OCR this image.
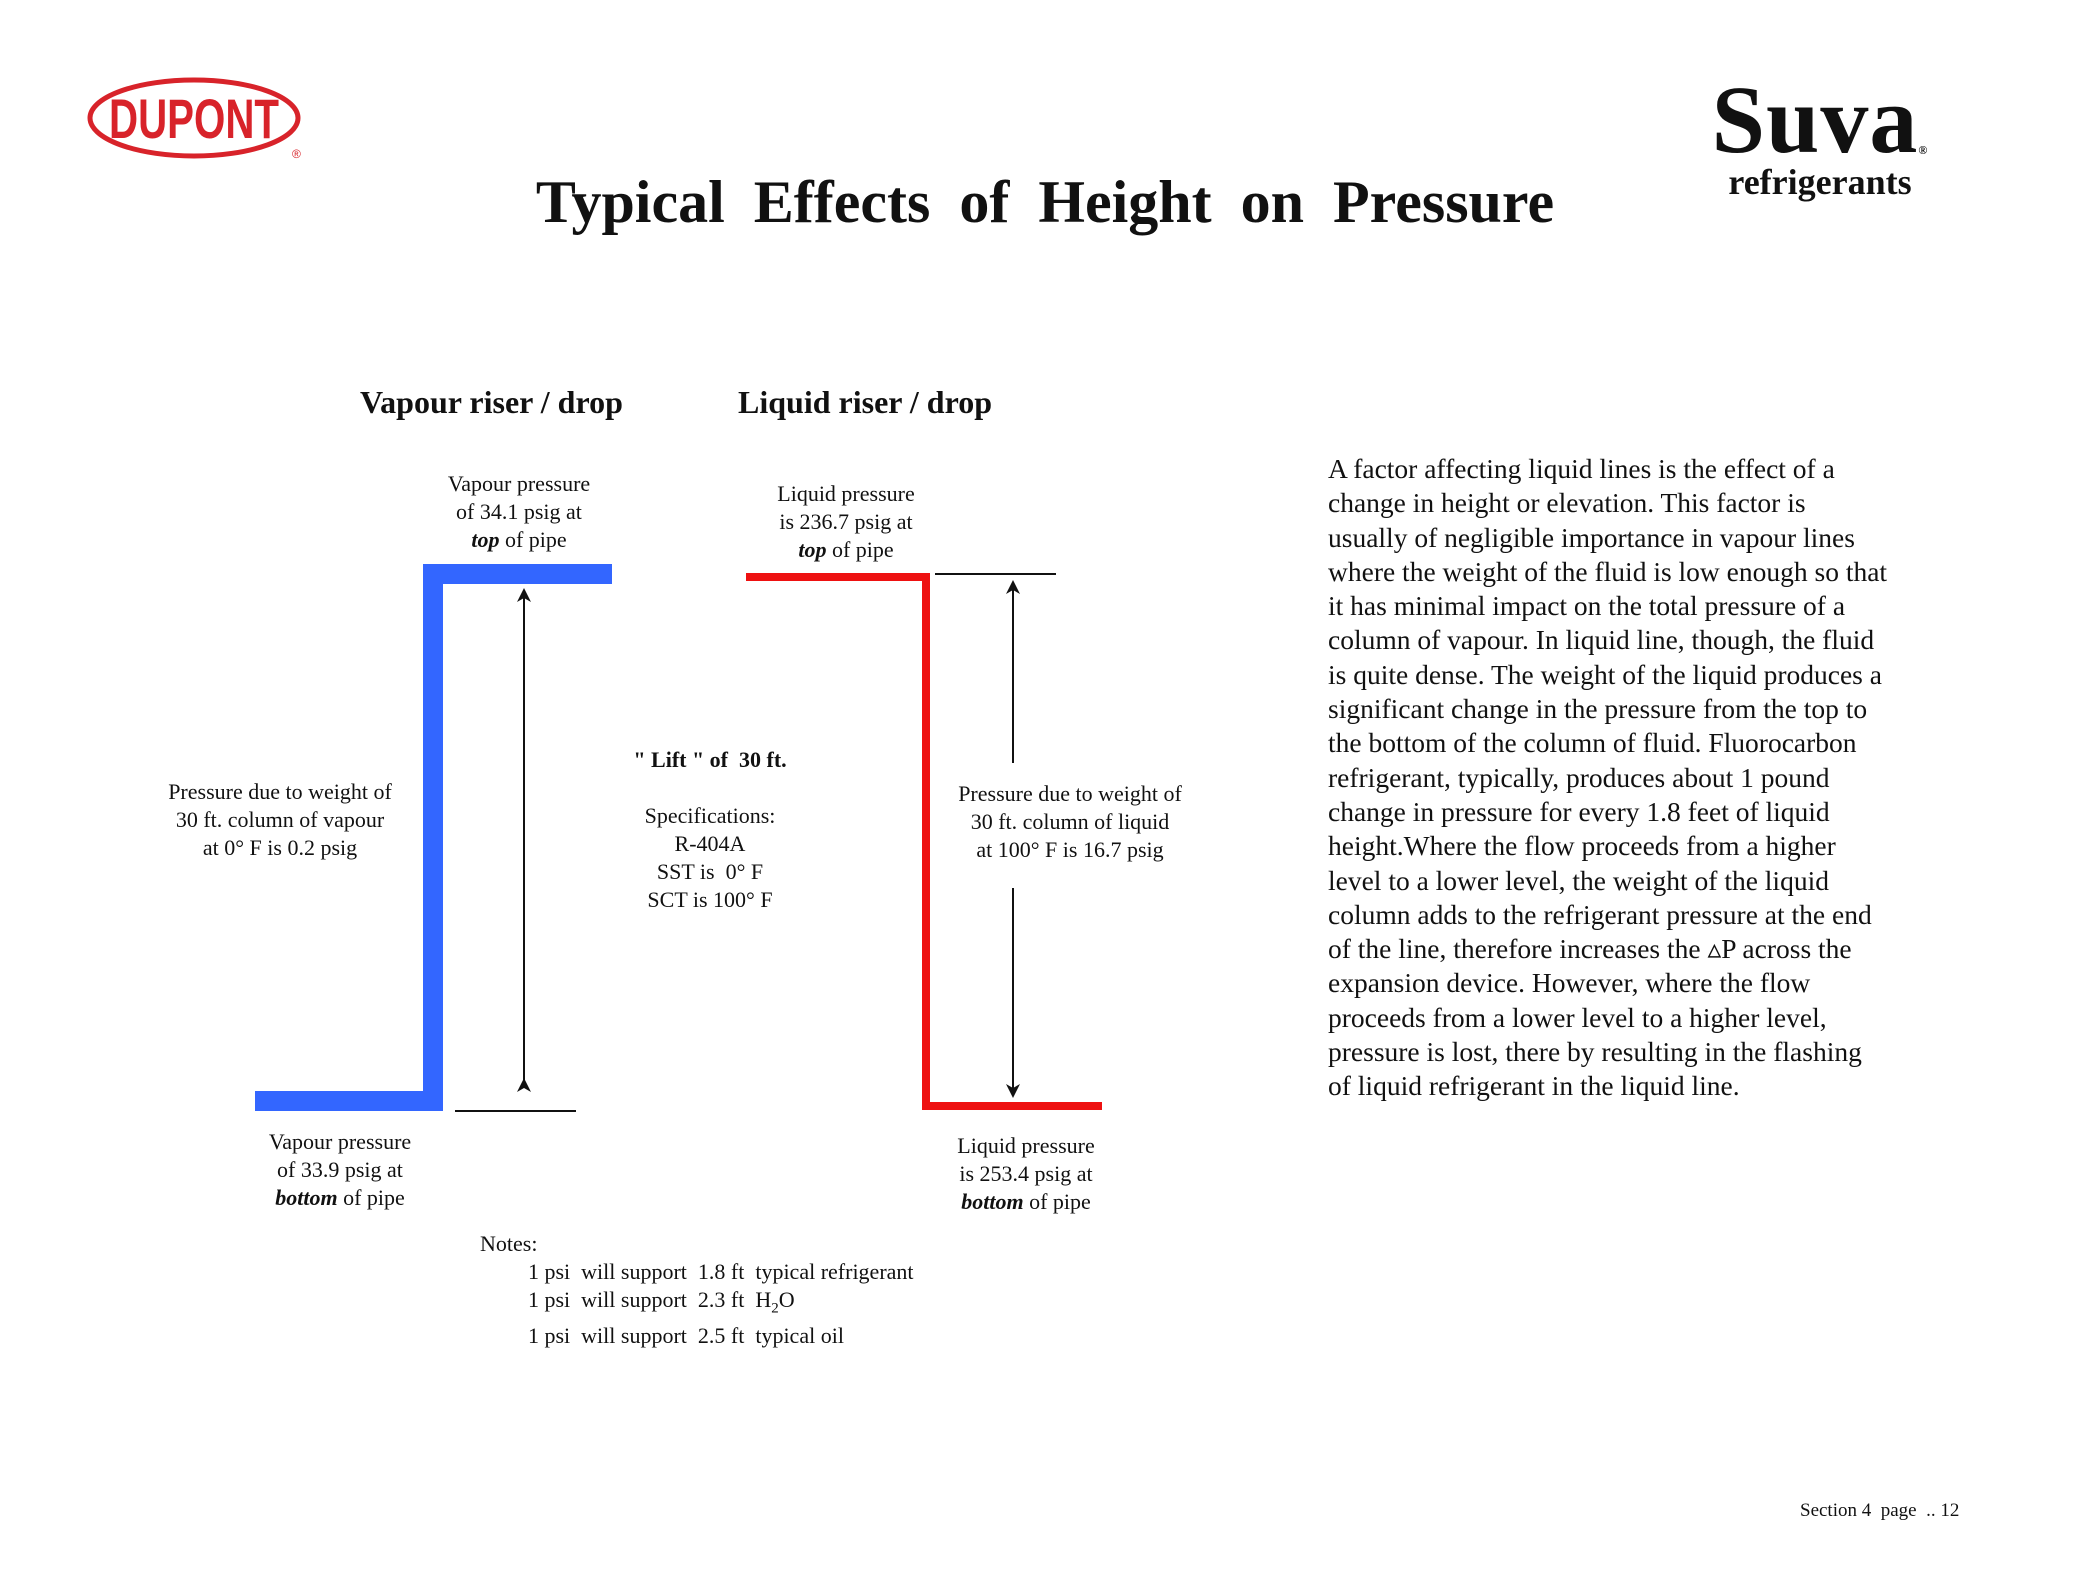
DUPONT
®	Suva®
refrigerants
Typical Effects of Height on Pressure
Vapour riser / drop	Liquid riser / drop
Vapour pressure
of 34.1 psig at
top of pipe
Pressure due to weight of
30 ft. column of vapour
at 0° F is 0.2 psig
Vapour pressure
of 33.9 psig at
bottom of pipe
Liquid pressure
is 236.7 psig at
top of pipe
Pressure due to weight of
30 ft. column of liquid
at 100° F is 16.7 psig
Liquid pressure
is 253.4 psig at
bottom of pipe
" Lift " of  30 ft.
Specifications:
R-404A
SST is  0° F
SCT is 100° F
Notes:
1 psi  will support  1.8 ft  typical refrigerant
1 psi  will support  2.3 ft  $H_2O$
1 psi  will support  2.5 ft  typical oil
A factor affecting liquid lines is the effect of a change in height or elevation. This factor is usually of negligible importance in vapour lines where the weight of the fluid is low enough so that it has minimal impact on the total pressure of a column of vapour. In liquid line, though, the fluid is quite dense. The weight of the liquid produces a significant change in the pressure from the top to the bottom of the column of fluid. Fluorocarbon refrigerant, typically, produces about 1 pound change in pressure for every 1.8 feet of liquid height.Where the flow proceeds from a higher level to a lower level, the weight of the liquid column adds to the refrigerant pressure at the end of the line, therefore increases the ▵P across the expansion device. However, where the flow proceeds from a lower level to a higher level, pressure is lost, there by resulting in the flashing of liquid refrigerant in the liquid line.
Section 4  page  .. 12
